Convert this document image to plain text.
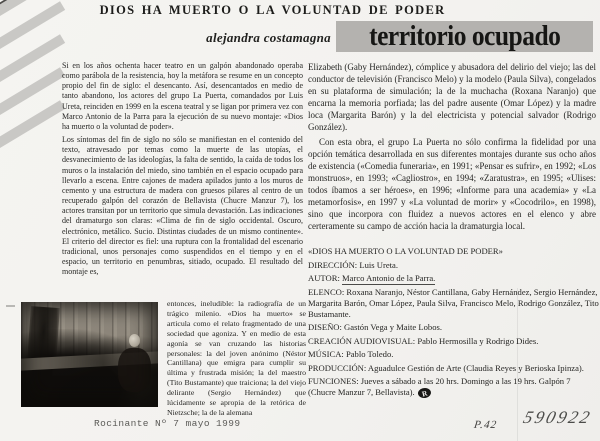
DIOS HA MUERTO O LA VOLUNTAD DE PODER
alejandra costamagna territorio ocupado

Si en los años ochenta hacer teatro en un galpón abandonado operaba como parábola de la resistencia, hoy la metáfora se resume en un concepto propio del fin de siglo: el desencanto. Así, desencantados en medio de tanto abandono, los actores del grupo La Puerta, comandados por Luis Ureta, reinciden en 1999 en la escena teatral y se ligan por primera vez con Marco Antonio de la Parra para la ejecución de su nuevo montaje: «Dios ha muerto o la voluntad de poder».

Los síntomas del fin de siglo no sólo se manifiestan en el contenido del texto, atravesado por temas como la muerte de las utopías, el desvanecimiento de las ideologías, la falta de sentido, la caída de todos los muros o la instalación del miedo, sino también en el espacio ocupado para llevarlo a escena. Entre cajones de madera apilados junto a los muros de cemento y una estructura de madera con gruesos pilares al centro de un recuperado galpón del corazón de Bellavista (Chucre Manzur 7), los actores transitan por un territorio que simula devastación. Las indicaciones del dramaturgo son claras: «Clima de fin de siglo occidental. Oscuro, electrónico, metálico. Sucio. Distintas ciudades de un mismo continente». El criterio del director es fiel: una ruptura con la frontalidad del escenario tradicional, unos personajes como suspendidos en el tiempo y en el espacio, un territorio en penumbras, sitiado, ocupado. El resultado del montaje es,

entonces, ineludible: la radiografía de un trágico milenio. «Dios ha muerto» se articula como el relato fragmentado de una sociedad que agoniza. Y en medio de esta agonía se van cruzando las historias personales: la del joven anónimo (Néstor Cantillana) que emigra para cumplir su última y frustrada misión; la del maestro (Tito Bustamante) que traiciona; la del viejo delirante (Sergio Hernández) que lúcidamente se apropia de la retórica de Nietzsche; la de la alemana

Elizabeth (Gaby Hernández), cómplice y abusadora del delirio del viejo; las del conductor de televisión (Francisco Melo) y la modelo (Paula Silva), congelados en su plataforma de simulación; la de la muchacha (Roxana Naranjo) que encarna la memoria porfiada; las del padre ausente (Omar López) y la madre loca (Margarita Barón) y la del electricista y potencial salvador (Rodrigo González).

Con esta obra, el grupo La Puerta no sólo confirma la fidelidad por una opción temática desarrollada en sus diferentes montajes durante sus ocho años de existencia («Comedia funeraria», en 1991; «Pensar es sufrir», en 1992; «Los monstruos», en 1993; «Cagliostro», en 1994; «Zaratustra», en 1995; «Ulises: todos íbamos a ser héroes», en 1996; «Informe para una academia» y «La metamorfosis», en 1997 y «La voluntad de morir» y «Cocodrilo», en 1998), sino que incorpora con fluidez a nuevos actores en el elenco y abre certeramente su campo de acción hacia la dramaturgia local.

«DIOS HA MUERTO O LA VOLUNTAD DE PODER»
DIRECCIÓN: Luis Ureta.
AUTOR: Marco Antonio de la Parra.
ELENCO: Roxana Naranjo, Néstor Cantillana, Gaby Hernández, Sergio Hernández, Margarita Barón, Omar López, Paula Silva, Francisco Melo, Rodrigo González, Tito Bustamante.
DISEÑO: Gastón Vega y Maite Lobos.
CREACIÓN AUDIOVISUAL: Pablo Hermosilla y Rodrigo Dides.
MÚSICA: Pablo Toledo.
PRODUCCIÓN: Aguadulce Gestión de Arte (Claudia Reyes y Berioska Ipinza).
FUNCIONES: Jueves a sábado a las 20 hrs. Domingo a las 19 hrs. Galpón 7 (Chucre Manzur 7, Bellavista). R
Rocinante Nº 7 mayo 1999	P.42 590922
